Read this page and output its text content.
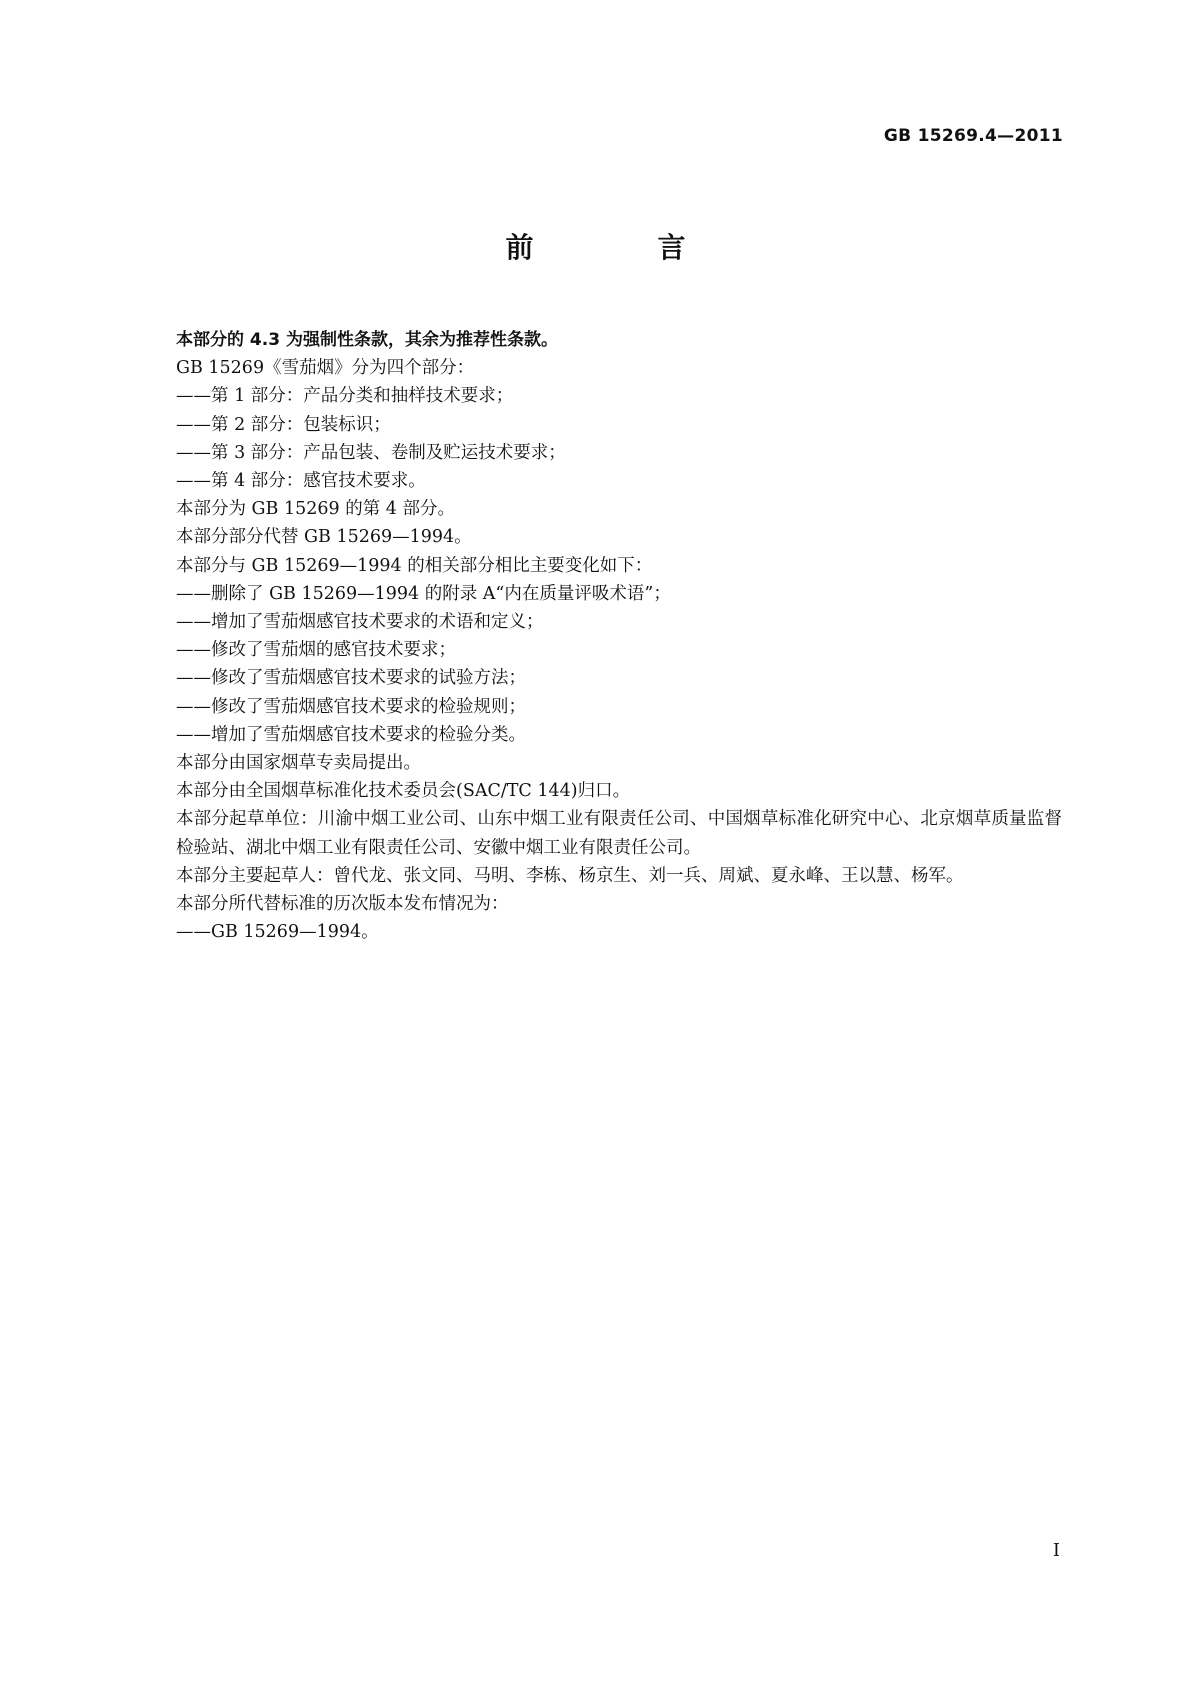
GB 15269.4—2011
前　言

本部分的 4.3 为强制性条款，其余为推荐性条款。

GB 15269《雪茄烟》分为四个部分：

——第 1 部分：产品分类和抽样技术要求；

——第 2 部分：包装标识；

——第 3 部分：产品包装、卷制及贮运技术要求；

——第 4 部分：感官技术要求。

本部分为 GB 15269 的第 4 部分。

本部分部分代替 GB 15269—1994。

本部分与 GB 15269—1994 的相关部分相比主要变化如下：

——删除了 GB 15269—1994 的附录 A“内在质量评吸术语”；

——增加了雪茄烟感官技术要求的术语和定义；

——修改了雪茄烟的感官技术要求；

——修改了雪茄烟感官技术要求的试验方法；

——修改了雪茄烟感官技术要求的检验规则；

——增加了雪茄烟感官技术要求的检验分类。

本部分由国家烟草专卖局提出。

本部分由全国烟草标准化技术委员会(SAC/TC 144)归口。

本部分起草单位：川渝中烟工业公司、山东中烟工业有限责任公司、中国烟草标准化研究中心、北京烟草质量监督检验站、湖北中烟工业有限责任公司、安徽中烟工业有限责任公司。

本部分主要起草人：曾代龙、张文同、马明、李栋、杨京生、刘一兵、周斌、夏永峰、王以慧、杨军。

本部分所代替标准的历次版本发布情况为：

——GB 15269—1994。

I
